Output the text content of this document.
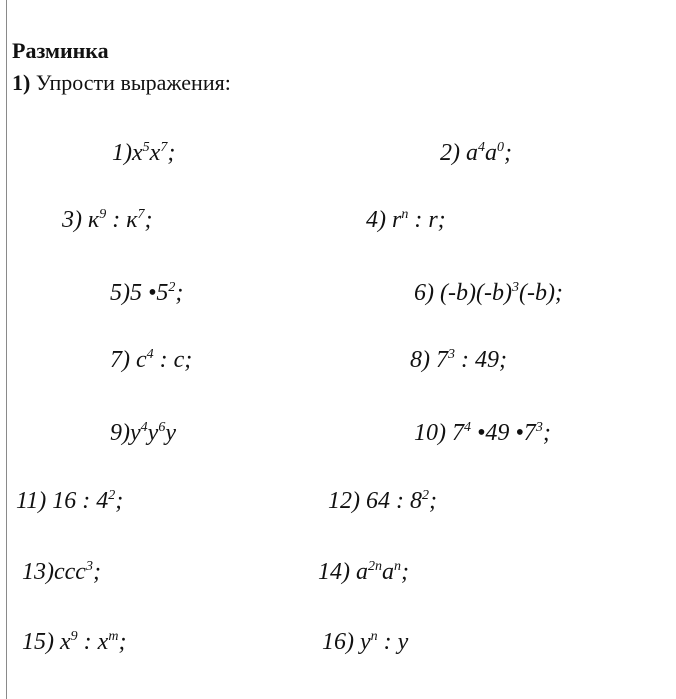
Разминка
1) Упрости выражения:
$1)x^5x^7$;	2) $a^4a^0$;
3) $к^9$ : $к^7$;	4) $r^n$ : r;
5)5 $•5^2$;	6) $(-b)(-b)^3(-b)$;
7) $c^4$ : c;	8) $7^3$ : 49;
$9)y^4y^6y$	10) $7^4$ •49 $•7^3$;
11) 16 : $4^2$;	12) 64 : $8^2$;
13)ccc$^3$;	14) $a^{2n}a^n$;
15) $x^9$ : $x^m$;	16) $y^n$ : y
